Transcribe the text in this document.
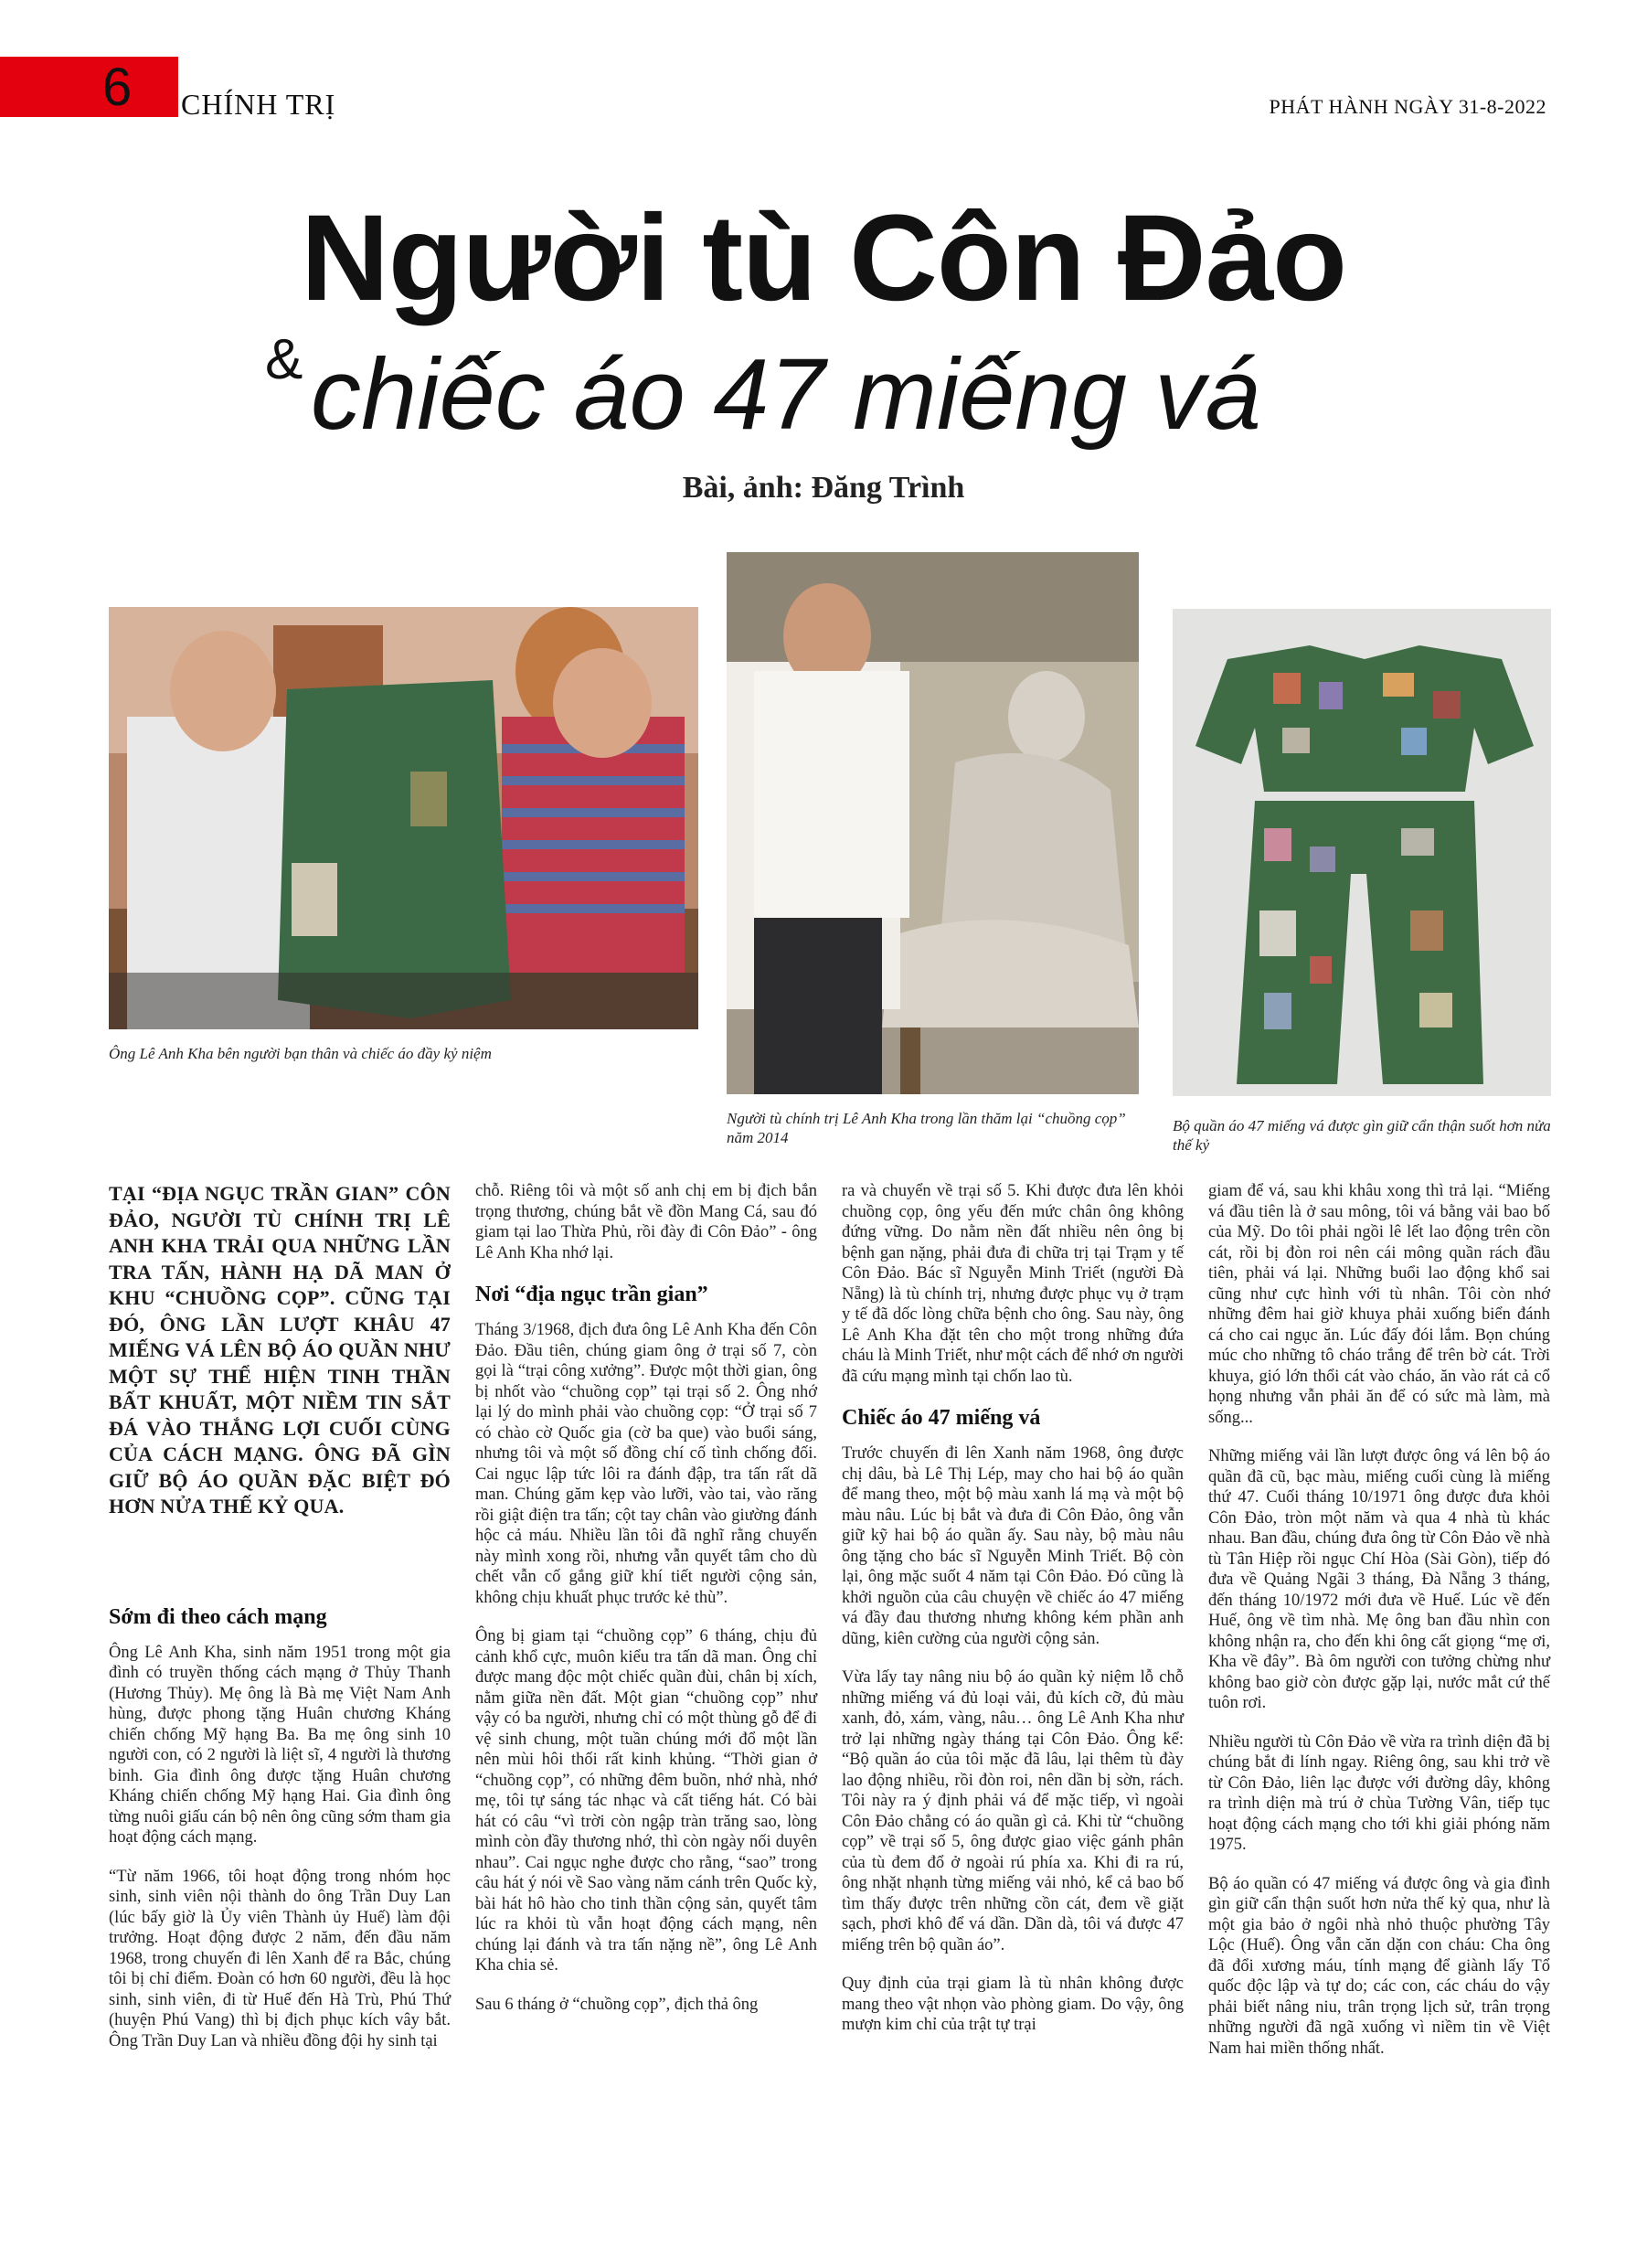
6 CHÍNH TRỊ	PHÁT HÀNH NGÀY 31-8-2022
Người tù Côn Đảo
& chiếc áo 47 miếng vá
Bài, ảnh: Đăng Trình
Ông Lê Anh Kha bên người bạn thân và chiếc áo đầy kỷ niệm
Người tù chính trị Lê Anh Kha trong lần thăm lại “chuồng cọp” năm 2014
Bộ quần áo 47 miếng vá được gìn giữ cẩn thận suốt hơn nửa thế kỷ
TẠI “ĐỊA NGỤC TRẦN GIAN” CÔN ĐẢO, NGƯỜI TÙ CHÍNH TRỊ LÊ ANH KHA TRẢI QUA NHỮNG LẦN TRA TẤN, HÀNH HẠ DÃ MAN Ở KHU “CHUỒNG CỌP”. CŨNG TẠI ĐÓ, ÔNG LẦN LƯỢT KHÂU 47 MIẾNG VÁ LÊN BỘ ÁO QUẦN NHƯ MỘT SỰ THỂ HIỆN TINH THẦN BẤT KHUẤT, MỘT NIỀM TIN SẮT ĐÁ VÀO THẮNG LỢI CUỐI CÙNG CỦA CÁCH MẠNG. ÔNG ĐÃ GÌN GIỮ BỘ ÁO QUẦN ĐẶC BIỆT ĐÓ HƠN NỬA THẾ KỶ QUA.
Sớm đi theo cách mạng

Ông Lê Anh Kha, sinh năm 1951 trong một gia đình có truyền thống cách mạng ở Thủy Thanh (Hương Thủy). Mẹ ông là Bà mẹ Việt Nam Anh hùng, được phong tặng Huân chương Kháng chiến chống Mỹ hạng Ba. Ba mẹ ông sinh 10 người con, có 2 người là liệt sĩ, 4 người là thương binh. Gia đình ông được tặng Huân chương Kháng chiến chống Mỹ hạng Hai. Gia đình ông từng nuôi giấu cán bộ nên ông cũng sớm tham gia hoạt động cách mạng.

“Từ năm 1966, tôi hoạt động trong nhóm học sinh, sinh viên nội thành do ông Trần Duy Lan (lúc bấy giờ là Ủy viên Thành ủy Huế) làm đội trưởng. Hoạt động được 2 năm, đến đầu năm 1968, trong chuyến đi lên Xanh để ra Bắc, chúng tôi bị chỉ điểm. Đoàn có hơn 60 người, đều là học sinh, sinh viên, đi từ Huế đến Hà Trù, Phú Thứ (huyện Phú Vang) thì bị địch phục kích vây bắt. Ông Trần Duy Lan và nhiều đồng đội hy sinh tại

chỗ. Riêng tôi và một số anh chị em bị địch bắn trọng thương, chúng bắt về đồn Mang Cá, sau đó giam tại lao Thừa Phủ, rồi đày đi Côn Đảo” - ông Lê Anh Kha nhớ lại.

Nơi “địa ngục trần gian”

Tháng 3/1968, địch đưa ông Lê Anh Kha đến Côn Đảo. Đầu tiên, chúng giam ông ở trại số 7, còn gọi là “trại công xưởng”. Được một thời gian, ông bị nhốt vào “chuồng cọp” tại trại số 2. Ông nhớ lại lý do mình phải vào chuồng cọp: “Ở trại số 7 có chào cờ Quốc gia (cờ ba que) vào buổi sáng, nhưng tôi và một số đồng chí cố tình chống đối. Cai ngục lập tức lôi ra đánh đập, tra tấn rất dã man. Chúng găm kẹp vào lưỡi, vào tai, vào răng rồi giật điện tra tấn; cột tay chân vào giường đánh hộc cả máu. Nhiều lần tôi đã nghĩ rằng chuyến này mình xong rồi, nhưng vẫn quyết tâm cho dù chết vẫn cố gắng giữ khí tiết người cộng sản, không chịu khuất phục trước kẻ thù”.

Ông bị giam tại “chuồng cọp” 6 tháng, chịu đủ cảnh khổ cực, muôn kiểu tra tấn dã man. Ông chỉ được mang độc một chiếc quần đùi, chân bị xích, nằm giữa nền đất. Một gian “chuồng cọp” như vậy có ba người, nhưng chỉ có một thùng gỗ để đi vệ sinh chung, một tuần chúng mới đổ một lần nên mùi hôi thối rất kinh khủng. “Thời gian ở “chuồng cọp”, có những đêm buồn, nhớ nhà, nhớ mẹ, tôi tự sáng tác nhạc và cất tiếng hát. Có bài hát có câu “vì trời còn ngập tràn trăng sao, lòng mình còn đầy thương nhớ, thì còn ngày nối duyên nhau”. Cai ngục nghe được cho rằng, “sao” trong câu hát ý nói về Sao vàng năm cánh trên Quốc kỳ, bài hát hô hào cho tinh thần cộng sản, quyết tâm lúc ra khỏi tù vẫn hoạt động cách mạng, nên chúng lại đánh và tra tấn nặng nề”, ông Lê Anh Kha chia sẻ.

Sau 6 tháng ở “chuồng cọp”, địch thả ông

ra và chuyển về trại số 5. Khi được đưa lên khỏi chuồng cọp, ông yếu đến mức chân ông không đứng vững. Do nằm nền đất nhiều nên ông bị bệnh gan nặng, phải đưa đi chữa trị tại Trạm y tế Côn Đảo. Bác sĩ Nguyễn Minh Triết (người Đà Nẵng) là tù chính trị, nhưng được phục vụ ở trạm y tế đã dốc lòng chữa bệnh cho ông. Sau này, ông Lê Anh Kha đặt tên cho một trong những đứa cháu là Minh Triết, như một cách để nhớ ơn người đã cứu mạng mình tại chốn lao tù.

Chiếc áo 47 miếng vá

Trước chuyến đi lên Xanh năm 1968, ông được chị dâu, bà Lê Thị Lép, may cho hai bộ áo quần để mang theo, một bộ màu xanh lá mạ và một bộ màu nâu. Lúc bị bắt và đưa đi Côn Đảo, ông vẫn giữ kỹ hai bộ áo quần ấy. Sau này, bộ màu nâu ông tặng cho bác sĩ Nguyễn Minh Triết. Bộ còn lại, ông mặc suốt 4 năm tại Côn Đảo. Đó cũng là khởi nguồn của câu chuyện về chiếc áo 47 miếng vá đầy đau thương nhưng không kém phần anh dũng, kiên cường của người cộng sản.

Vừa lấy tay nâng niu bộ áo quần kỷ niệm lỗ chỗ những miếng vá đủ loại vải, đủ kích cỡ, đủ màu xanh, đỏ, xám, vàng, nâu… ông Lê Anh Kha như trở lại những ngày tháng tại Côn Đảo. Ông kể: “Bộ quần áo của tôi mặc đã lâu, lại thêm tù đày lao động nhiều, rồi đòn roi, nên dần bị sờn, rách. Tôi này ra ý định phải vá để mặc tiếp, vì ngoài Côn Đảo chẳng có áo quần gì cả. Khi từ “chuồng cọp” về trại số 5, ông được giao việc gánh phân của tù đem đổ ở ngoài rú phía xa. Khi đi ra rú, ông nhặt nhạnh từng miếng vải nhỏ, kể cả bao bố tìm thấy được trên những cồn cát, đem về giặt sạch, phơi khô để vá dần. Dần dà, tôi vá được 47 miếng trên bộ quần áo”.

Quy định của trại giam là tù nhân không được mang theo vật nhọn vào phòng giam. Do vậy, ông mượn kim chỉ của trật tự trại

giam để vá, sau khi khâu xong thì trả lại. “Miếng vá đầu tiên là ở sau mông, tôi vá bằng vải bao bố của Mỹ. Do tôi phải ngồi lê lết lao động trên cồn cát, rồi bị đòn roi nên cái mông quần rách đầu tiên, phải vá lại. Những buổi lao động khổ sai cũng như cực hình với tù nhân. Tôi còn nhớ những đêm hai giờ khuya phải xuống biển đánh cá cho cai ngục ăn. Lúc đấy đói lắm. Bọn chúng múc cho những tô cháo trắng để trên bờ cát. Trời khuya, gió lớn thổi cát vào cháo, ăn vào rát cả cổ họng nhưng vẫn phải ăn để có sức mà làm, mà sống...

Những miếng vải lần lượt được ông vá lên bộ áo quần đã cũ, bạc màu, miếng cuối cùng là miếng thứ 47. Cuối tháng 10/1971 ông được đưa khỏi Côn Đảo, tròn một năm và qua 4 nhà tù khác nhau. Ban đầu, chúng đưa ông từ Côn Đảo về nhà tù Tân Hiệp rồi ngục Chí Hòa (Sài Gòn), tiếp đó đưa về Quảng Ngãi 3 tháng, Đà Nẵng 3 tháng, đến tháng 10/1972 mới đưa về Huế. Lúc về đến Huế, ông về tìm nhà. Mẹ ông ban đầu nhìn con không nhận ra, cho đến khi ông cất giọng “mẹ ơi, Kha về đây”. Bà ôm người con tưởng chừng như không bao giờ còn được gặp lại, nước mắt cứ thế tuôn rơi.

Nhiều người tù Côn Đảo về vừa ra trình diện đã bị chúng bắt đi lính ngay. Riêng ông, sau khi trở về từ Côn Đảo, liên lạc được với đường dây, không ra trình diện mà trú ở chùa Tường Vân, tiếp tục hoạt động cách mạng cho tới khi giải phóng năm 1975.

Bộ áo quần có 47 miếng vá được ông và gia đình gìn giữ cẩn thận suốt hơn nửa thế kỷ qua, như là một gia bảo ở ngôi nhà nhỏ thuộc phường Tây Lộc (Huế). Ông vẫn căn dặn con cháu: Cha ông đã đổi xương máu, tính mạng để giành lấy Tổ quốc độc lập và tự do; các con, các cháu do vậy phải biết nâng niu, trân trọng lịch sử, trân trọng những người đã ngã xuống vì niềm tin về Việt Nam hai miền thống nhất.
